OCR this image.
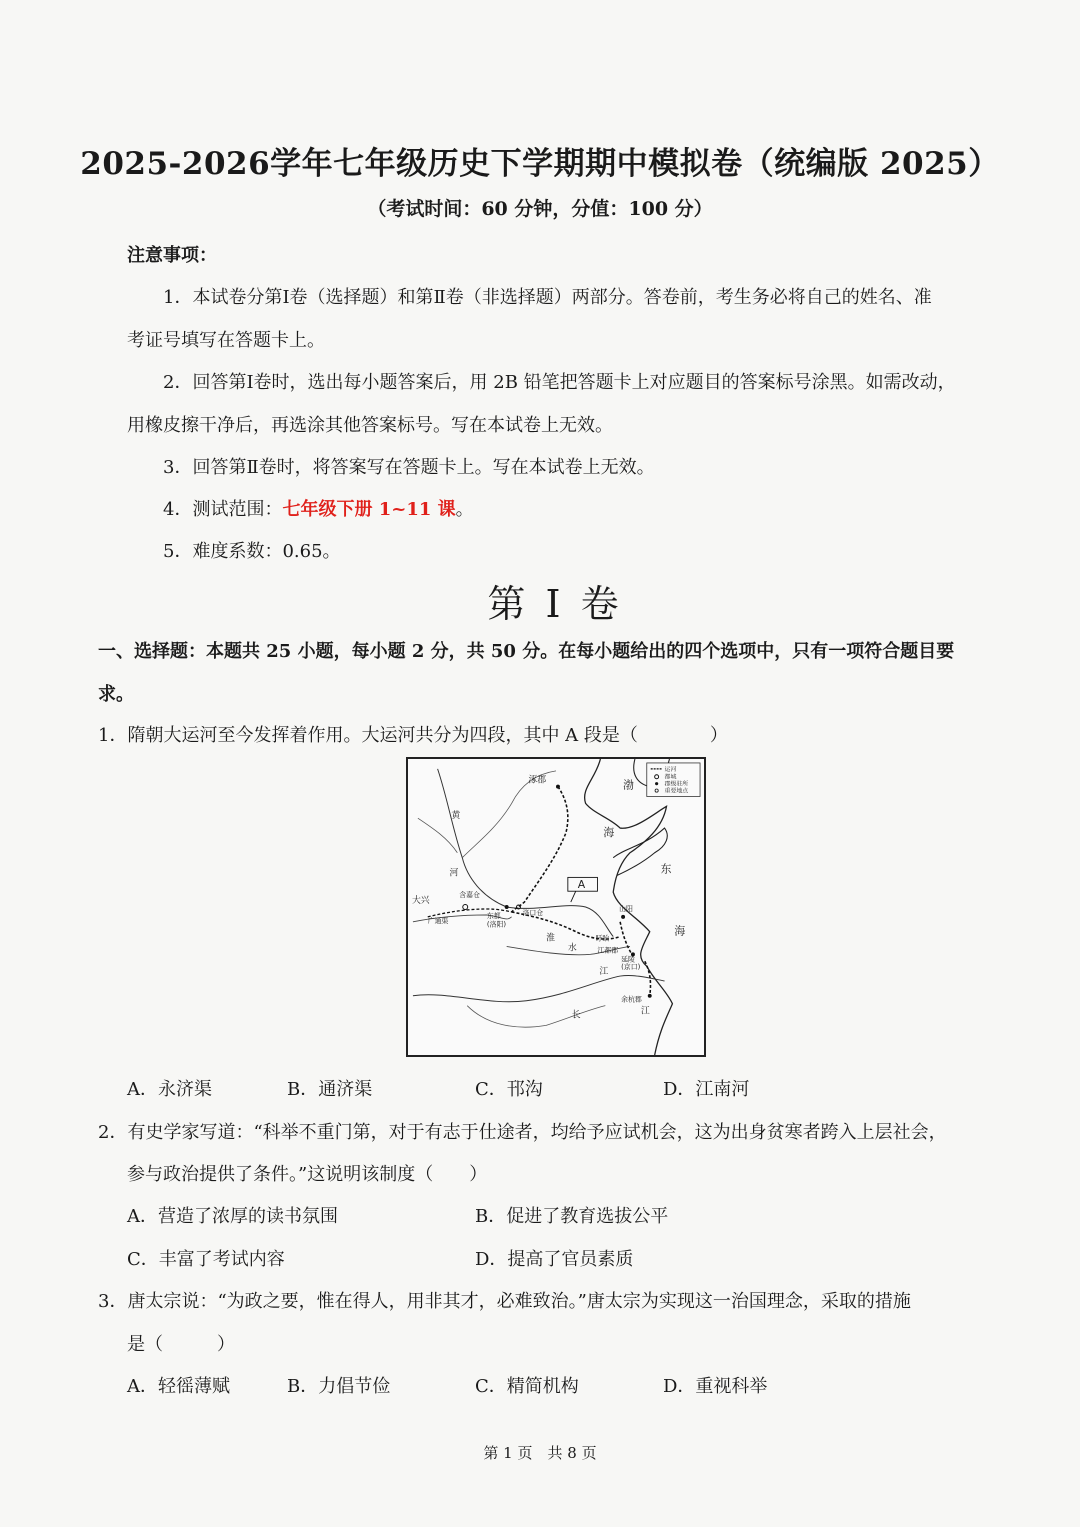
2025-2026学年七年级历史下学期期中模拟卷（统编版 2025）
（考试时间：60 分钟，分值：100 分）
注意事项：
1．本试卷分第Ⅰ卷（选择题）和第Ⅱ卷（非选择题）两部分。答卷前，考生务必将自己的姓名、准
考证号填写在答题卡上。
2．回答第Ⅰ卷时，选出每小题答案后，用 2B 铅笔把答题卡上对应题目的答案标号涂黑。如需改动，
用橡皮擦干净后，再选涂其他答案标号。写在本试卷上无效。
3．回答第Ⅱ卷时，将答案写在答题卡上。写在本试卷上无效。
4．测试范围：七年级下册 1~11 课。
5．难度系数：0.65。
第 Ⅰ 卷
一、选择题：本题共 25 小题，每小题 2 分，共 50 分。在每小题给出的四个选项中，只有一项符合题目要
求。
1．隋朝大运河至今发挥着作用。大运河共分为四段，其中 A 段是（　　　　）
运河
都城
郡级驻所
重要地点
A
涿郡	渤
海
黄
河	东
海
大兴
广通渠
含嘉仓
东都
(洛阳)
洛口仓	山阳
盱眙
江都郡
延陵
(京口)
淮
水
江
长
余杭郡
江
A．永济渠	B．通济渠	C．邗沟	D．江南河
2．有史学家写道：“科举不重门第，对于有志于仕途者，均给予应试机会，这为出身贫寒者跨入上层社会，
参与政治提供了条件。”这说明该制度（　　）
A．营造了浓厚的读书氛围	B．促进了教育选拔公平
C．丰富了考试内容	D．提高了官员素质
3．唐太宗说：“为政之要，惟在得人，用非其才，必难致治。”唐太宗为实现这一治国理念，采取的措施
是（　　　）
A．轻徭薄赋	B．力倡节俭	C．精简机构	D．重视科举
第 1 页　共 8 页
